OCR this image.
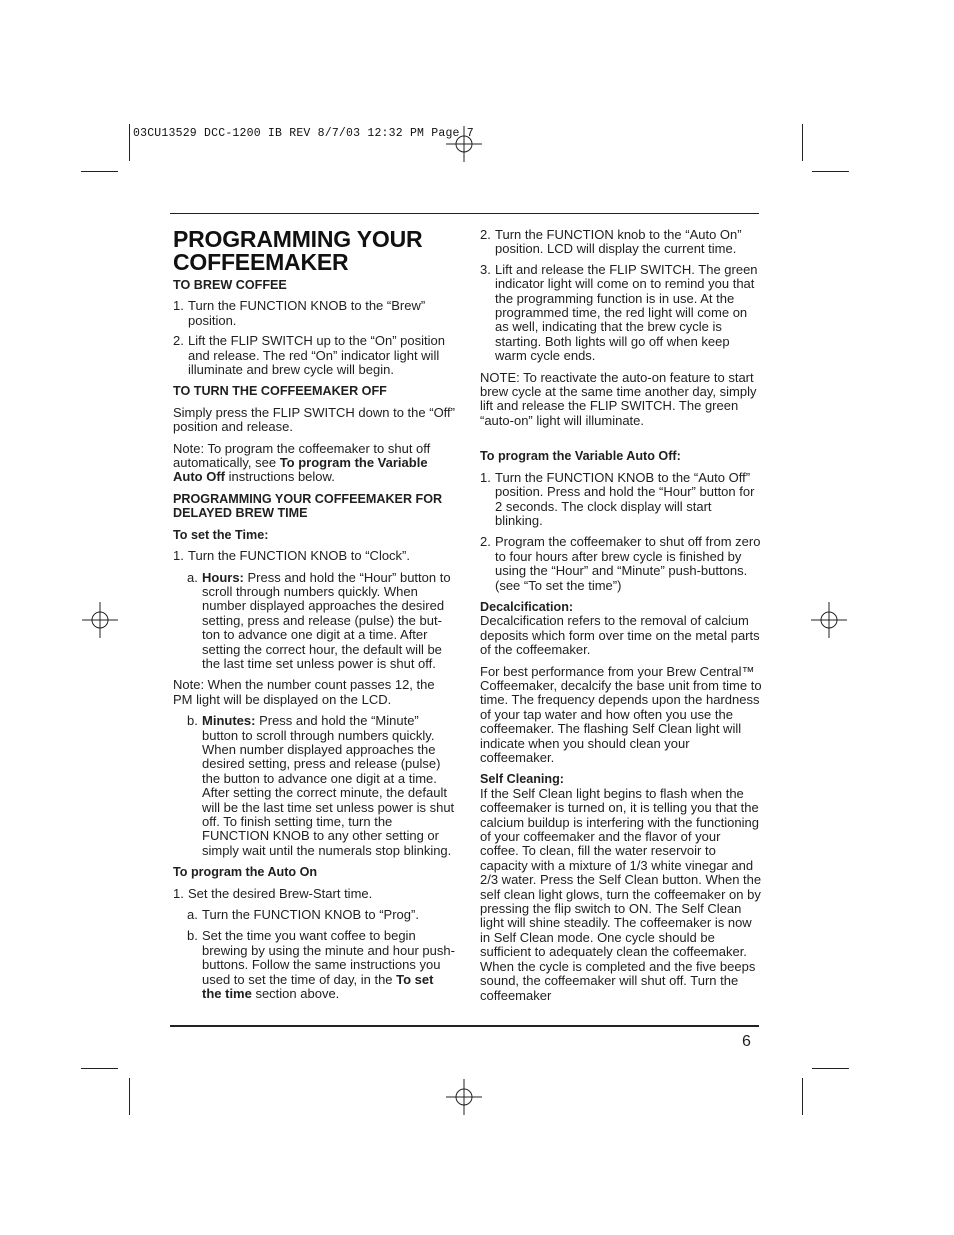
03CU13529 DCC-1200 IB REV 8/7/03 12:32 PM Page 7
PROGRAMMING YOUR
COFFEEMAKER

TO BREW COFFEE

1. Turn the FUNCTION KNOB to the “Brew” position.
2. Lift the FLIP SWITCH up to the “On” position and release. The red “On” indicator light will illuminate and brew cycle will begin.

TO TURN THE COFFEEMAKER OFF

Simply press the FLIP SWITCH down to the “Off” position and release.

Note: To program the coffeemaker to shut off automatically, see To program the Variable Auto Off instructions below.

PROGRAMMING YOUR COFFEEMAKER FOR DELAYED BREW TIME

To set the Time:

1. Turn the FUNCTION KNOB to “Clock”.
a. Hours: Press and hold the “Hour” button to scroll through numbers quickly. When number displayed approaches the desired setting, press and release (pulse) the button to advance one digit at a time. After setting the correct hour, the default will be the last time set unless power is shut off.

Note: When the number count passes 12, the PM light will be displayed on the LCD.

b. Minutes: Press and hold the “Minute” button to scroll through numbers quickly. When number displayed approaches the desired setting, press and release (pulse) the button to advance one digit at a time. After setting the correct minute, the default will be the last time set unless power is shut off. To finish setting time, turn the FUNCTION KNOB to any other setting or simply wait until the numerals stop blinking.

To program the Auto On

1. Set the desired Brew-Start time.
a. Turn the FUNCTION KNOB to “Prog”.
b. Set the time you want coffee to begin brewing by using the minute and hour push-buttons. Follow the same instructions you used to set the time of day, in the To set the time section above.
2. Turn the FUNCTION knob to the “Auto On” position. LCD will display the current time.
3. Lift and release the FLIP SWITCH. The green indicator light will come on to remind you that the programming function is in use. At the programmed time, the red light will come on as well, indicating that the brew cycle is starting. Both lights will go off when keep warm cycle ends.

NOTE: To reactivate the auto-on feature to start brew cycle at the same time another day, simply lift and release the FLIP SWITCH. The green “auto-on” light will illuminate.

To program the Variable Auto Off:

1. Turn the FUNCTION KNOB to the “Auto Off” position. Press and hold the “Hour” button for 2 seconds. The clock display will start blinking.
2. Program the coffeemaker to shut off from zero to four hours after brew cycle is finished by using the “Hour” and “Minute” push-buttons. (see “To set the time”)

Decalcification:

Decalcification refers to the removal of calcium deposits which form over time on the metal parts of the coffeemaker.

For best performance from your Brew Central™ Coffeemaker, decalcify the base unit from time to time. The frequency depends upon the hardness of your tap water and how often you use the coffeemaker. The flashing Self Clean light will indicate when you should clean your coffeemaker.

Self Cleaning:

If the Self Clean light begins to flash when the coffeemaker is turned on, it is telling you that the calcium buildup is interfering with the functioning of your coffeemaker and the flavor of your coffee. To clean, fill the water reservoir to capacity with a mixture of 1/3 white vinegar and 2/3 water. Press the Self Clean button. When the self clean light glows, turn the coffeemaker on by pressing the flip switch to ON. The Self Clean light will shine steadily. The coffeemaker is now in Self Clean mode. One cycle should be sufficient to adequately clean the coffeemaker. When the cycle is completed and the five beeps sound, the coffeemaker will shut off. Turn the coffeemaker

6
